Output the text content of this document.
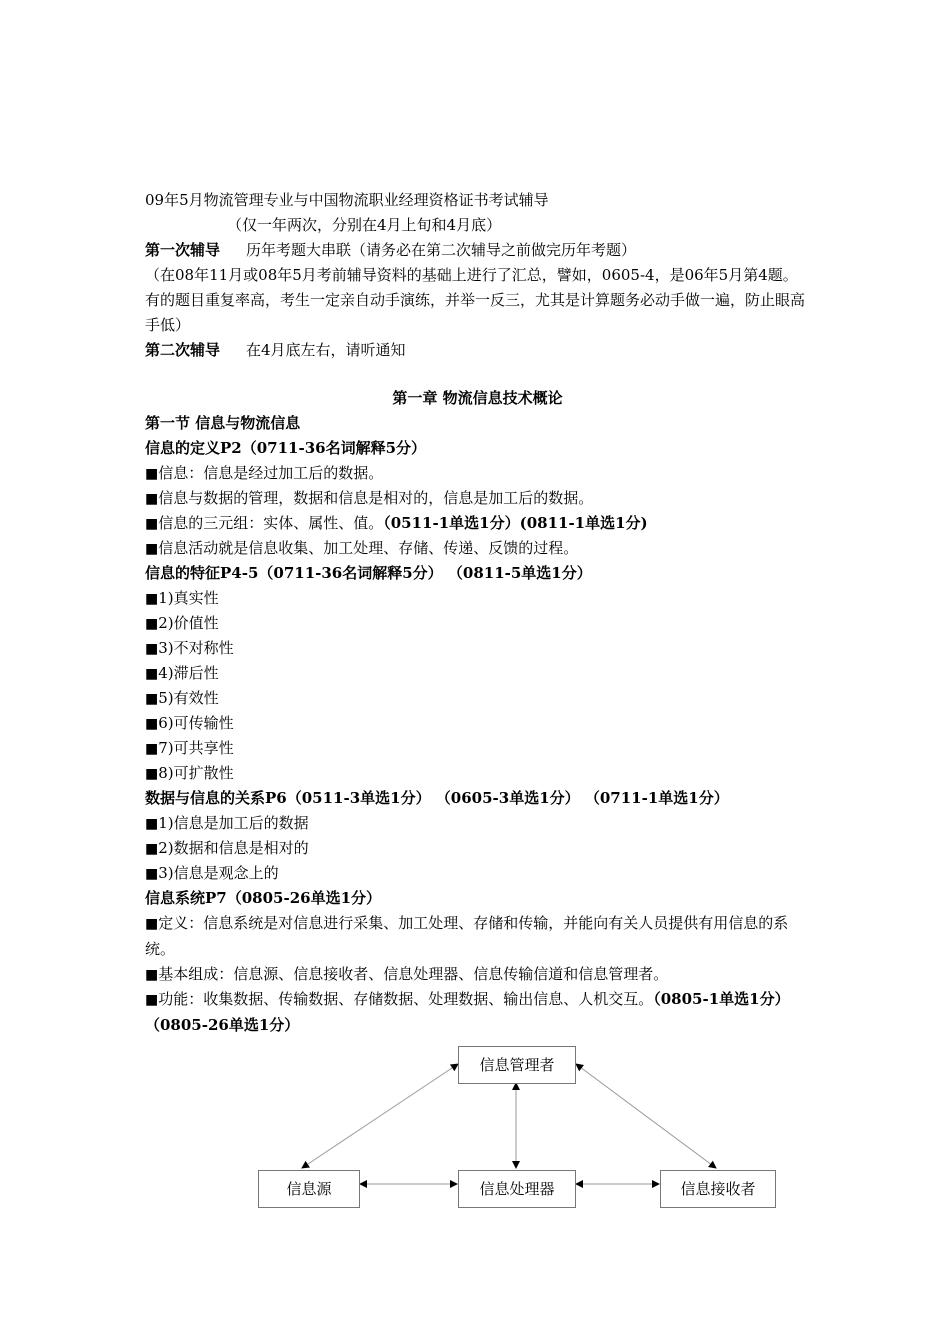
09年5月物流管理专业与中国物流职业经理资格证书考试辅导
（仅一年两次，分别在4月上旬和4月底）
第一次辅导 历年考题大串联（请务必在第二次辅导之前做完历年考题）
（在08年11月或08年5月考前辅导资料的基础上进行了汇总，譬如，0605-4，是06年5月第4题。有的题目重复率高，考生一定亲自动手演练，并举一反三，尤其是计算题务必动手做一遍，防止眼高手低）
第二次辅导 在4月底左右，请听通知
第一章 物流信息技术概论
第一节 信息与物流信息
信息的定义P2（0711-36名词解释5分）
■信息：信息是经过加工后的数据。
■信息与数据的管理，数据和信息是相对的，信息是加工后的数据。
■信息的三元组：实体、属性、值。（0511-1单选1分）(0811-1单选1分)
■信息活动就是信息收集、加工处理、存储、传递、反馈的过程。
信息的特征P4-5（0711-36名词解释5分） （0811-5单选1分）
■1)真实性
■2)价值性
■3)不对称性
■4)滞后性
■5)有效性
■6)可传输性
■7)可共享性
■8)可扩散性
数据与信息的关系P6（0511-3单选1分） （0605-3单选1分） （0711-1单选1分）
■1)信息是加工后的数据
■2)数据和信息是相对的
■3)信息是观念上的
信息系统P7（0805-26单选1分）
■定义：信息系统是对信息进行采集、加工处理、存储和传输，并能向有关人员提供有用信息的系统。
■基本组成：信息源、信息接收者、信息处理器、信息传输信道和信息管理者。
■功能：收集数据、传输数据、存储数据、处理数据、输出信息、人机交互。（0805-1单选1分） （0805-26单选1分）
信息管理者
信息源	信息处理器	信息接收者
